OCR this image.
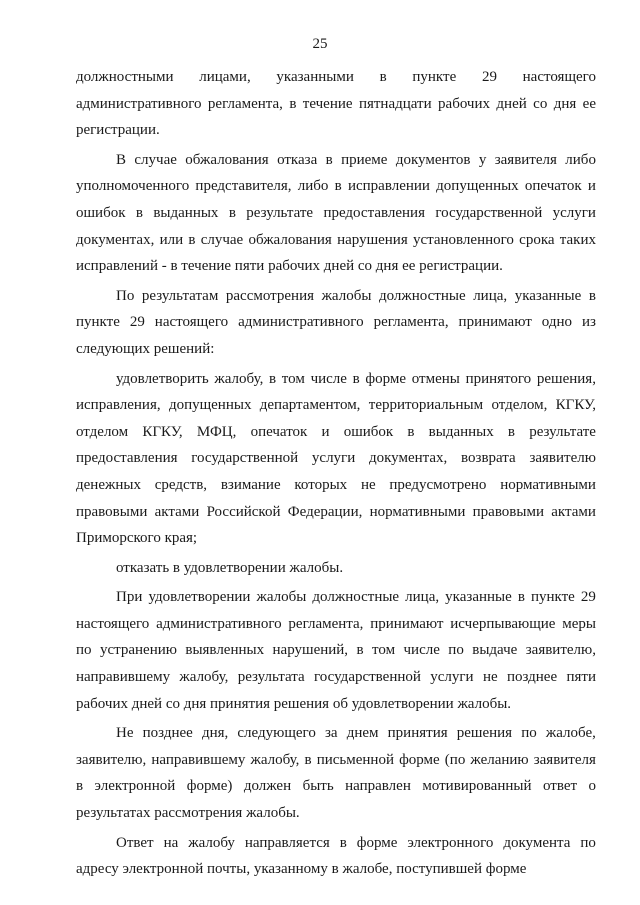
25
должностными лицами, указанными в пункте 29 настоящего
административного регламента, в течение пятнадцати рабочих дней со дня ее
регистрации.
В случае обжалования отказа в приеме документов у заявителя либо
уполномоченного представителя, либо в исправлении допущенных опечаток и
ошибок в выданных в результате предоставления государственной услуги
документах, или в случае обжалования нарушения установленного срока таких
исправлений - в течение пяти рабочих дней со дня ее регистрации.
По результатам рассмотрения жалобы должностные лица, указанные в
пункте 29 настоящего административного регламента, принимают одно из
следующих решений:
удовлетворить жалобу, в том числе в форме отмены принятого решения,
исправления, допущенных департаментом, территориальным отделом, КГКУ,
отделом КГКУ, МФЦ, опечаток и ошибок в выданных в результате
предоставления государственной услуги документах, возврата заявителю
денежных средств, взимание которых не предусмотрено нормативными
правовыми актами Российской Федерации, нормативными правовыми актами
Приморского края;
отказать в удовлетворении жалобы.
При удовлетворении жалобы должностные лица, указанные в пункте 29
настоящего административного регламента, принимают исчерпывающие меры
по устранению выявленных нарушений, в том числе по выдаче заявителю,
направившему жалобу, результата государственной услуги не позднее пяти
рабочих дней со дня принятия решения об удовлетворении жалобы.
Не позднее дня, следующего за днем принятия решения по жалобе,
заявителю, направившему жалобу, в письменной форме (по желанию заявителя
в электронной форме) должен быть направлен мотивированный ответ о
результатах рассмотрения жалобы.
Ответ на жалобу направляется в форме электронного документа по
адресу электронной почты, указанному в жалобе, поступившей форме
